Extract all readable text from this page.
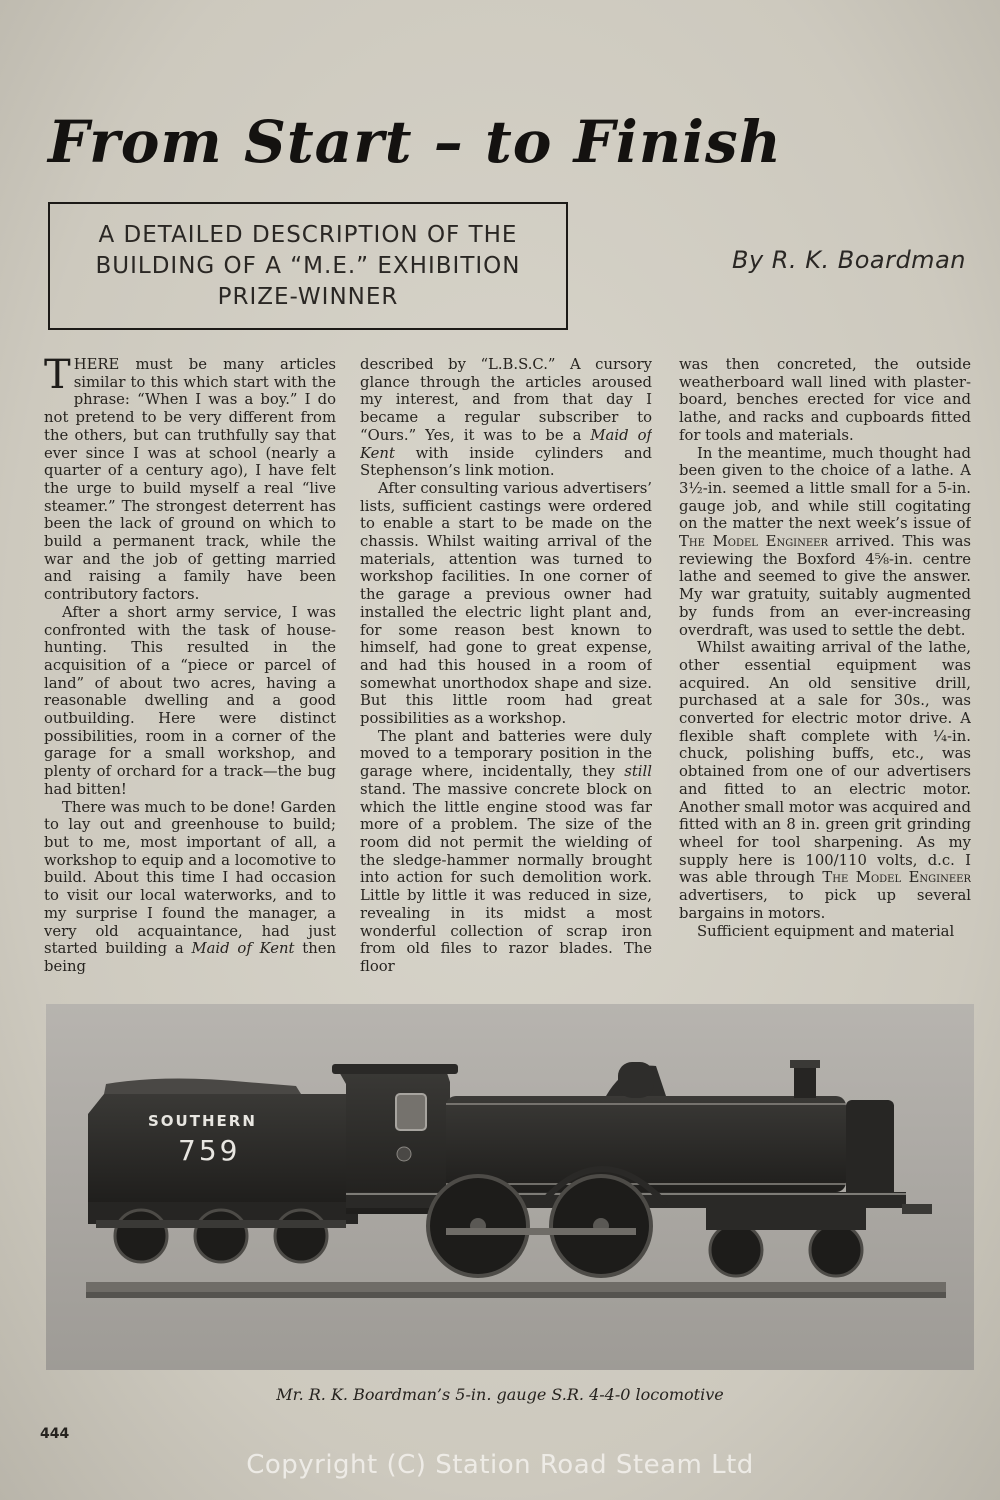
From Start – to Finish
A DETAILED DESCRIPTION OF THE BUILDING OF A “M.E.” EXHIBITION PRIZE-WINNER
By R. K. Boardman

THERE must be many articles similar to this which start with the phrase: “When I was a boy.” I do not pretend to be very different from the others, but can truthfully say that ever since I was at school (nearly a quarter of a century ago), I have felt the urge to build myself a real “live steamer.” The strongest deterrent has been the lack of ground on which to build a permanent track, while the war and the job of getting married and raising a family have been contributory factors.

After a short army service, I was confronted with the task of house-hunting. This resulted in the acquisition of a “piece or parcel of land” of about two acres, having a reasonable dwelling and a good outbuilding. Here were distinct possibilities, room in a corner of the garage for a small workshop, and plenty of orchard for a track—the bug had bitten!

There was much to be done! Garden to lay out and greenhouse to build; but to me, most important of all, a workshop to equip and a locomotive to build. About this time I had occasion to visit our local waterworks, and to my surprise I found the manager, a very old acquaintance, had just started building a Maid of Kent then being

described by “L.B.S.C.” A cursory glance through the articles aroused my interest, and from that day I became a regular subscriber to “Ours.” Yes, it was to be a Maid of Kent with inside cylinders and Stephenson’s link motion.

After consulting various advertisers’ lists, sufficient castings were ordered to enable a start to be made on the chassis. Whilst waiting arrival of the materials, attention was turned to workshop facilities. In one corner of the garage a previous owner had installed the electric light plant and, for some reason best known to himself, had gone to great expense, and had this housed in a room of somewhat unorthodox shape and size. But this little room had great possibilities as a workshop.

The plant and batteries were duly moved to a temporary position in the garage where, incidentally, they still stand. The massive concrete block on which the little engine stood was far more of a problem. The size of the room did not permit the wielding of the sledge-hammer normally brought into action for such demolition work. Little by little it was reduced in size, revealing in its midst a most wonderful collection of scrap iron from old files to razor blades. The floor

was then concreted, the outside weatherboard wall lined with plaster-board, benches erected for vice and lathe, and racks and cupboards fitted for tools and materials.

In the meantime, much thought had been given to the choice of a lathe. A 3½-in. seemed a little small for a 5-in. gauge job, and while still cogitating on the matter the next week’s issue of The Model Engineer arrived. This was reviewing the Boxford 4⅝-in. centre lathe and seemed to give the answer. My war gratuity, suitably augmented by funds from an ever-increasing overdraft, was used to settle the debt.

Whilst awaiting arrival of the lathe, other essential equipment was acquired. An old sensitive drill, purchased at a sale for 30s., was converted for electric motor drive. A flexible shaft complete with ¼-in. chuck, polishing buffs, etc., was obtained from one of our advertisers and fitted to an electric motor. Another small motor was acquired and fitted with an 8 in. green grit grinding wheel for tool sharpening. As my supply here is 100/110 volts, d.c. I was able through The Model Engineer advertisers, to pick up several bargains in motors.

Sufficient equipment and material

SOUTHERN
759
Mr. R. K. Boardman’s 5-in. gauge S.R. 4-4-0 locomotive
444
Copyright (C) Station Road Steam Ltd
